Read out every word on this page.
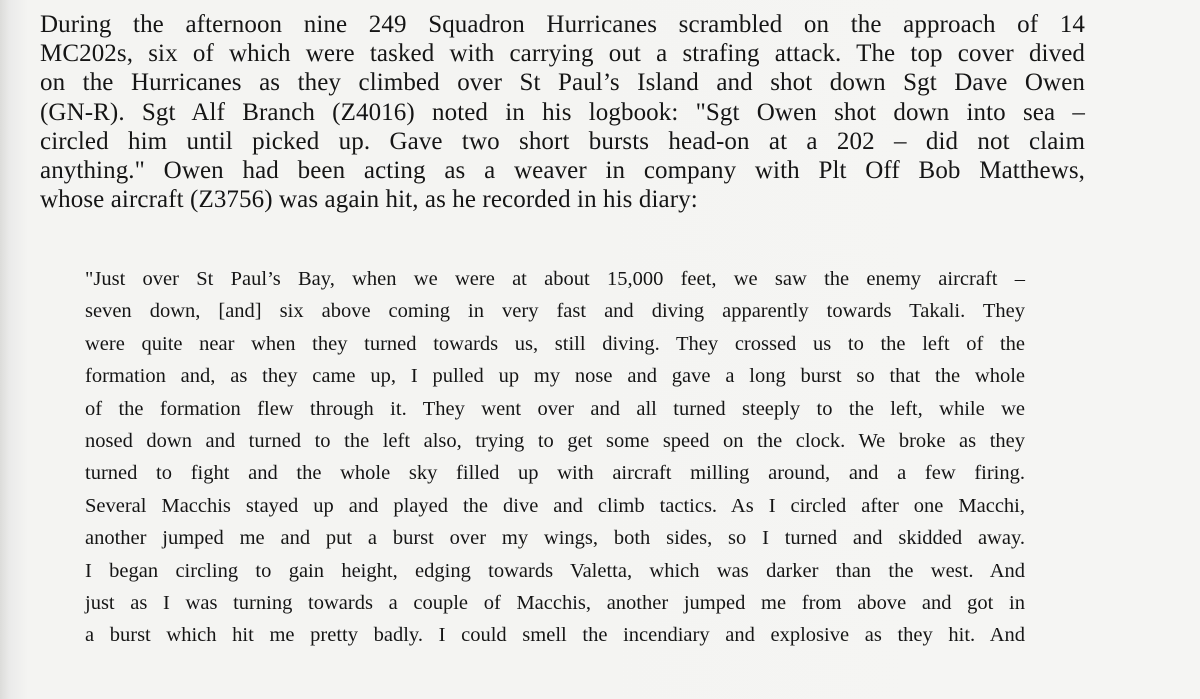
During the afternoon nine 249 Squadron Hurricanes scrambled on the approach of 14
MC202s, six of which were tasked with carrying out a strafing attack. The top cover dived
on the Hurricanes as they climbed over St Paul’s Island and shot down Sgt Dave Owen
(GN-R). Sgt Alf Branch (Z4016) noted in his logbook: "Sgt Owen shot down into sea –
circled him until picked up. Gave two short bursts head-on at a 202 – did not claim
anything." Owen had been acting as a weaver in company with Plt Off Bob Matthews,
whose aircraft (Z3756) was again hit, as he recorded in his diary:
"Just over St Paul’s Bay, when we were at about 15,000 feet, we saw the enemy aircraft –
seven down, [and] six above coming in very fast and diving apparently towards Takali. They
were quite near when they turned towards us, still diving. They crossed us to the left of the
formation and, as they came up, I pulled up my nose and gave a long burst so that the whole
of the formation flew through it. They went over and all turned steeply to the left, while we
nosed down and turned to the left also, trying to get some speed on the clock. We broke as they
turned to fight and the whole sky filled up with aircraft milling around, and a few firing.
Several Macchis stayed up and played the dive and climb tactics. As I circled after one Macchi,
another jumped me and put a burst over my wings, both sides, so I turned and skidded away.
I began circling to gain height, edging towards Valetta, which was darker than the west. And
just as I was turning towards a couple of Macchis, another jumped me from above and got in
a burst which hit me pretty badly. I could smell the incendiary and explosive as they hit. And
